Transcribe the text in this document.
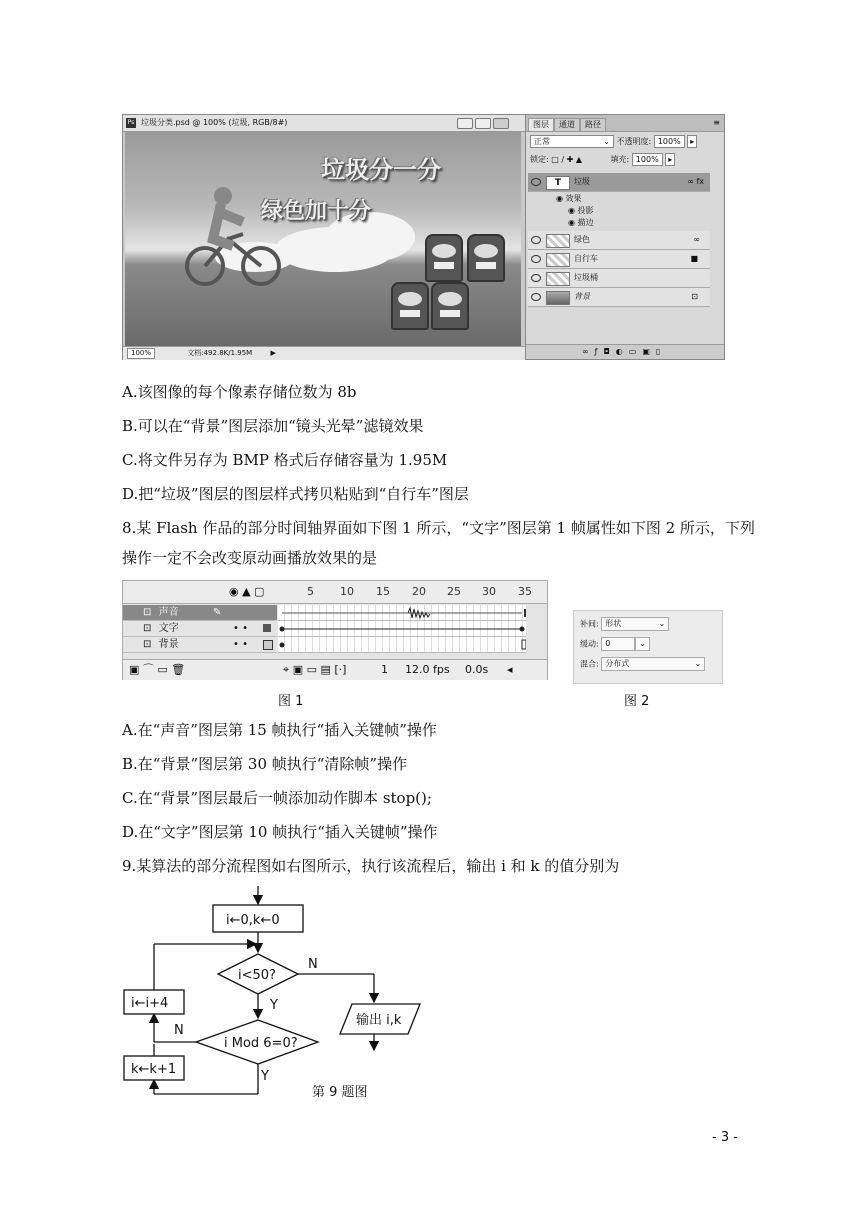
Ps 垃圾分类.psd @ 100% (垃圾, RGB/8#)
垃圾分一分
绿色加十分
100%	文档:492.8K/1.95M	▶
图层	通道	路径	≡
正常	⌄ 不透明度: 100% ▸
锁定: □ ∕ ✚ ▲	填充: 100% ▸
T	垃圾	∞ fx
◉ 效果
◉ 投影
◉ 描边
绿色	∞
自行车	■
垃圾桶
背景	⊡
∞ƒ◘◐▭▣▯
A.该图像的每个像素存储位数为 8b
B.可以在“背景”图层添加“镜头光晕”滤镜效果
C.将文件另存为 BMP 格式后存储容量为 1.95M
D.把“垃圾”图层的图层样式拷贝粘贴到“自行车”图层
8.某 Flash 作品的部分时间轴界面如下图 1 所示，“文字”图层第 1 帧属性如下图 2 所示，下列
操作一定不会改变原动画播放效果的是
◉ ▲ ▢	5 10 15 20 25 30 35
⊡ 声音	✎
⊡ 文字	• •
⊡ 背景	• •
▣ ⌒ ▭ 🗑	⌖ ▣ ▭ ▤ [·]	1 12.0 fps 0.0s ◂
补间: 形状	⌄
缓动: 0	⌄
混合: 分布式	⌄
图 1	图 2
A.在“声音”图层第 15 帧执行“插入关键帧”操作
B.在“背景”图层第 30 帧执行“清除帧”操作
C.在“背景”图层最后一帧添加动作脚本 stop();
D.在“文字”图层第 10 帧执行“插入关键帧”操作
9.某算法的部分流程图如右图所示，执行该流程后，输出 i 和 k 的值分别为
i←0,k←0
i<50?
N
Y
输出 i,k
i Mod 6=0?
N
Y
i←i+4
k←k+1
第 9 题图
- 3 -
